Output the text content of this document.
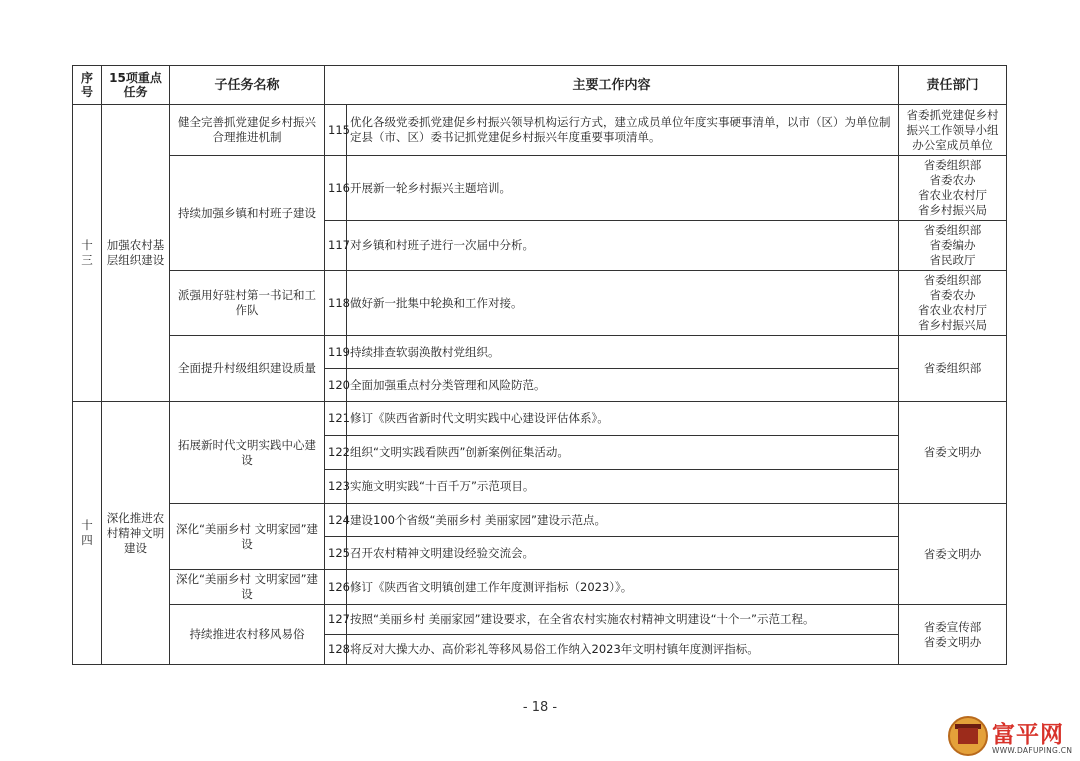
序号	15项重点任务	子任务名称	主要工作内容		责任部门
十三	加强农村基层组织建设	健全完善抓党建促乡村振兴合理推进机制	115	优化各级党委抓党建促乡村振兴领导机构运行方式，建立成员单位年度实事硬事清单，以市（区）为单位制定县（市、区）委书记抓党建促乡村振兴年度重要事项清单。	省委抓党建促乡村振兴工作领导小组办公室成员单位
		持续加强乡镇和村班子建设	116	开展新一轮乡村振兴主题培训。	省委组织部
省委农办
省农业农村厅
省乡村振兴局

			117	对乡镇和村班子进行一次届中分析。	省委组织部
省委编办
省民政厅

		派强用好驻村第一书记和工作队	118	做好新一批集中轮换和工作对接。	省委组织部
省委农办
省农业农村厅
省乡村振兴局

		全面提升村级组织建设质量	119	持续排查软弱涣散村党组织。	省委组织部
			120	全面加强重点村分类管理和风险防范。	
十四	深化推进农村精神文明建设	拓展新时代文明实践中心建设	121	修订《陕西省新时代文明实践中心建设评估体系》。	省委文明办
			122	组织“文明实践看陕西”创新案例征集活动。	
			123	实施文明实践“十百千万”示范项目。	
		深化“美丽乡村 文明家园”建设	124	建设100个省级“美丽乡村 美丽家园”建设示范点。	省委文明办
			125	召开农村精神文明建设经验交流会。	
		深化“美丽乡村 文明家园”建设	126	修订《陕西省文明镇创建工作年度测评指标（2023）》。	
		持续推进农村移风易俗	127	按照“美丽乡村 美丽家园”建设要求，在全省农村实施农村精神文明建设“十个一”示范工程。	省委宣传部
省委文明办

			128	将反对大操大办、高价彩礼等移风易俗工作纳入2023年文明村镇年度测评指标。	
- 18 -
富平网
WWW.DAFUPING.CN
